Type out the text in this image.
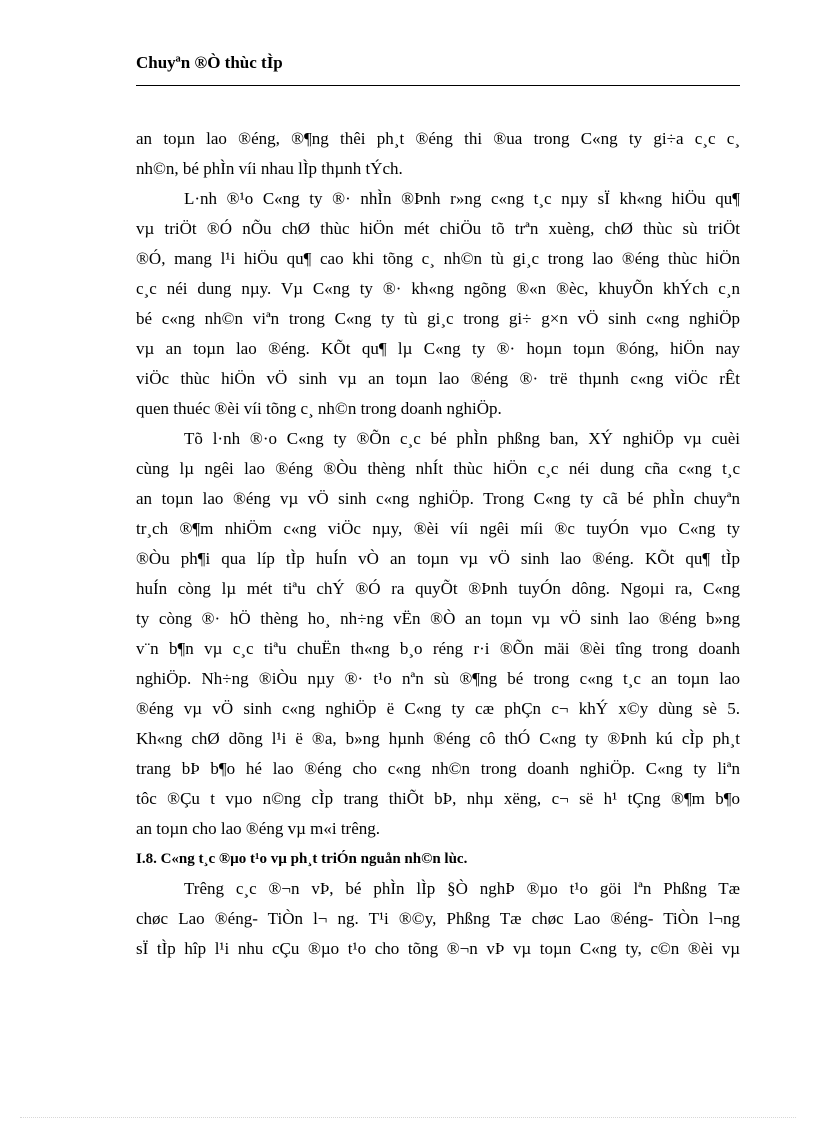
Chuyªn ®Ò thùc tÌp
an toµn lao ®éng, ®¶ng thêi ph¸t ®éng thi ®ua trong C«ng ty gi÷a c¸c c¸
nh©n, bé phÌn víi nhau lÌp thµnh tÝch.
L·nh ®¹o C«ng ty ®· nhÌn ®Þnh r»ng c«ng t¸c nµy sÏ kh«ng hiÖu qu¶
vµ triÖt ®Ó nÕu chØ thùc hiÖn mét chiÖu tõ trªn xuèng, chØ thùc sù triÖt
®Ó, mang l¹i hiÖu qu¶ cao khi tõng c¸ nh©n tù gi¸c trong lao ®éng thùc hiÖn
c¸c néi dung nµy. Vµ C«ng ty ®· kh«ng ngõng ®«n ®èc, khuyÕn khÝch c¸n
bé c«ng nh©n viªn trong C«ng ty tù gi¸c trong gi÷ g×n vÖ sinh c«ng nghiÖp
vµ an toµn lao ®éng. KÕt qu¶ lµ C«ng ty ®· hoµn toµn ®óng, hiÖn nay
viÖc thùc hiÖn vÖ sinh vµ an toµn lao ®éng ®· trë thµnh c«ng viÖc rÊt
quen thuéc ®èi víi tõng c¸ nh©n trong doanh nghiÖp.
Tõ l·nh ®·o C«ng ty ®Õn c¸c bé phÌn phßng ban, XÝ nghiÖp vµ cuèi
cùng lµ ngêi lao ®éng ®Òu thèng nhÍt thùc hiÖn c¸c néi dung cña c«ng t¸c
an toµn lao ®éng vµ vÖ sinh c«ng nghiÖp. Trong C«ng ty cã bé phÌn chuyªn
tr¸ch ®¶m nhiÖm c«ng viÖc nµy, ®èi víi ngêi míi ®c tuyÓn vµo C«ng ty
®Òu ph¶i qua líp tÌp huÍn vÒ an toµn vµ vÖ sinh lao ®éng. KÕt qu¶ tÌp
huÍn còng lµ mét tiªu chÝ ®Ó ra quyÕt ®Þnh tuyÓn dông. Ngoµi ra, C«ng
ty còng ®· hÖ thèng ho¸ nh÷ng vËn ®Ò an toµn vµ vÖ sinh lao ®éng b»ng
v¨n b¶n vµ c¸c tiªu chuËn th«ng b¸o réng r·i ®Õn mäi ®èi tîng trong doanh
nghiÖp. Nh÷ng ®iÒu nµy ®· t¹o nªn sù ®¶ng bé trong c«ng t¸c an toµn lao
®éng vµ vÖ sinh c«ng nghiÖp ë C«ng ty cæ phÇn c¬ khÝ x©y dùng sè 5.
Kh«ng chØ dõng l¹i ë ®a, b»ng hµnh ®éng cô thÓ C«ng ty ®Þnh kú cÌp ph¸t
trang bÞ b¶o hé lao ®éng cho c«ng nh©n trong doanh nghiÖp. C«ng ty liªn
tôc ®Çu t vµo n©ng cÌp trang thiÕt bÞ, nhµ xëng, c¬ së h¹ tÇng ®¶m b¶o
an toµn cho lao ®éng vµ m«i trêng.
I.8. C«ng t¸c ®µo t¹o vµ ph¸t triÓn nguån nh©n lùc.
Trêng c¸c ®¬n vÞ, bé phÌn lÌp §Ò nghÞ ®µo t¹o göi lªn Phßng Tæ
chøc Lao ®éng- TiÒn l¬ ng. T¹i ®©y, Phßng Tæ chøc Lao ®éng- TiÒn l¬ng
sÏ tÌp hîp l¹i nhu cÇu ®µo t¹o cho tõng ®¬n vÞ vµ toµn C«ng ty, c©n ®èi vµ
